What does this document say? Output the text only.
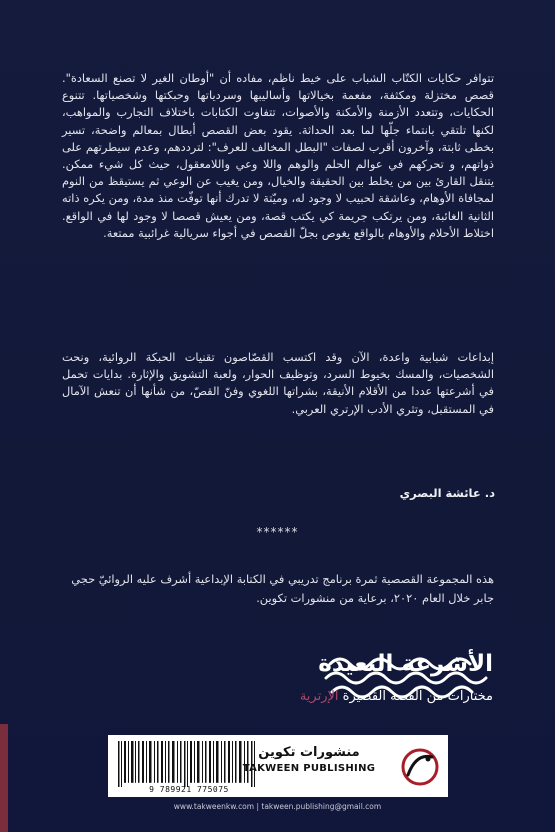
تتوافر حكايات الكتّاب الشباب على خيط ناظم، مفاده أن "أوطان الغير لا تصنع السعادة". قصص مختزلة ومكثفة، مفعمة بخيالاتها وأساليبها وسردياتها وحبكتها وشخصياتها. تتنوع الحكايات، وتتعدد الأزمنة والأمكنة والأصوات، تتفاوت الكتابات باختلاف التجارب والمواهب، لكنها تلتقي بانتماء جلّها لما بعد الحداثة. يقود بعض القصص أبطال بمعالم واضحة، تسير بخطى ثابتة، وآخرون أقرب لصفات "البطل المخالف للعرف": لترددهم، وعدم سيطرتهم على ذواتهم، و تحركهم في عوالم الحلم والوهم واللا وعي واللامعقول، حيث كل شيء ممكن. يتنقل القارئ بين من يخلط بين الحقيقة والخيال، ومن يغيب عن الوعي ثم يستيقظ من النوم لمجافاة الأوهام، وعاشقة لحبيب لا وجود له، وميّتة لا تدرك أنها توفّت منذ مدة، ومن يكره ذاته الثانية الغائبة، ومن يرتكب جريمة كي يكتب قصة، ومن يعيش قصصا لا وجود لها في الواقع. اختلاط الأحلام والأوهام بالواقع يغوص بجلّ القصص في أجواء سريالية غرائبية ممتعة.

إبداعات شبابية واعدة، الآن وقد اكتسب القصّاصون تقنيات الحبكة الروائية، ونحت الشخصيات، والمسك بخيوط السرد، وتوظيف الحوار، ولعبة التشويق والإثارة. بدايات تحمل في أشرعتها عددا من الأقلام الأنيقة، بشراتها اللغوي وفنّ القصّ، من شأنها أن تنعش الآمال في المستقبل، وتثري الأدب الإرتري العربي.

د. عائشة البصري
******

هذه المجموعة القصصية ثمرة برنامج تدريبي في الكتابة الإبداعية أشرف عليه الروائيّ حجي جابر خلال العام ٢٠٢٠، برعاية من منشورات تكوين.

الأشرعة البعيدة
مختارات من القصة القصيرة الإرترية
9 789921 775075
منشورات تكوين
TAKWEEN PUBLISHING
www.takweenkw.com | takween.publishing@gmail.com
